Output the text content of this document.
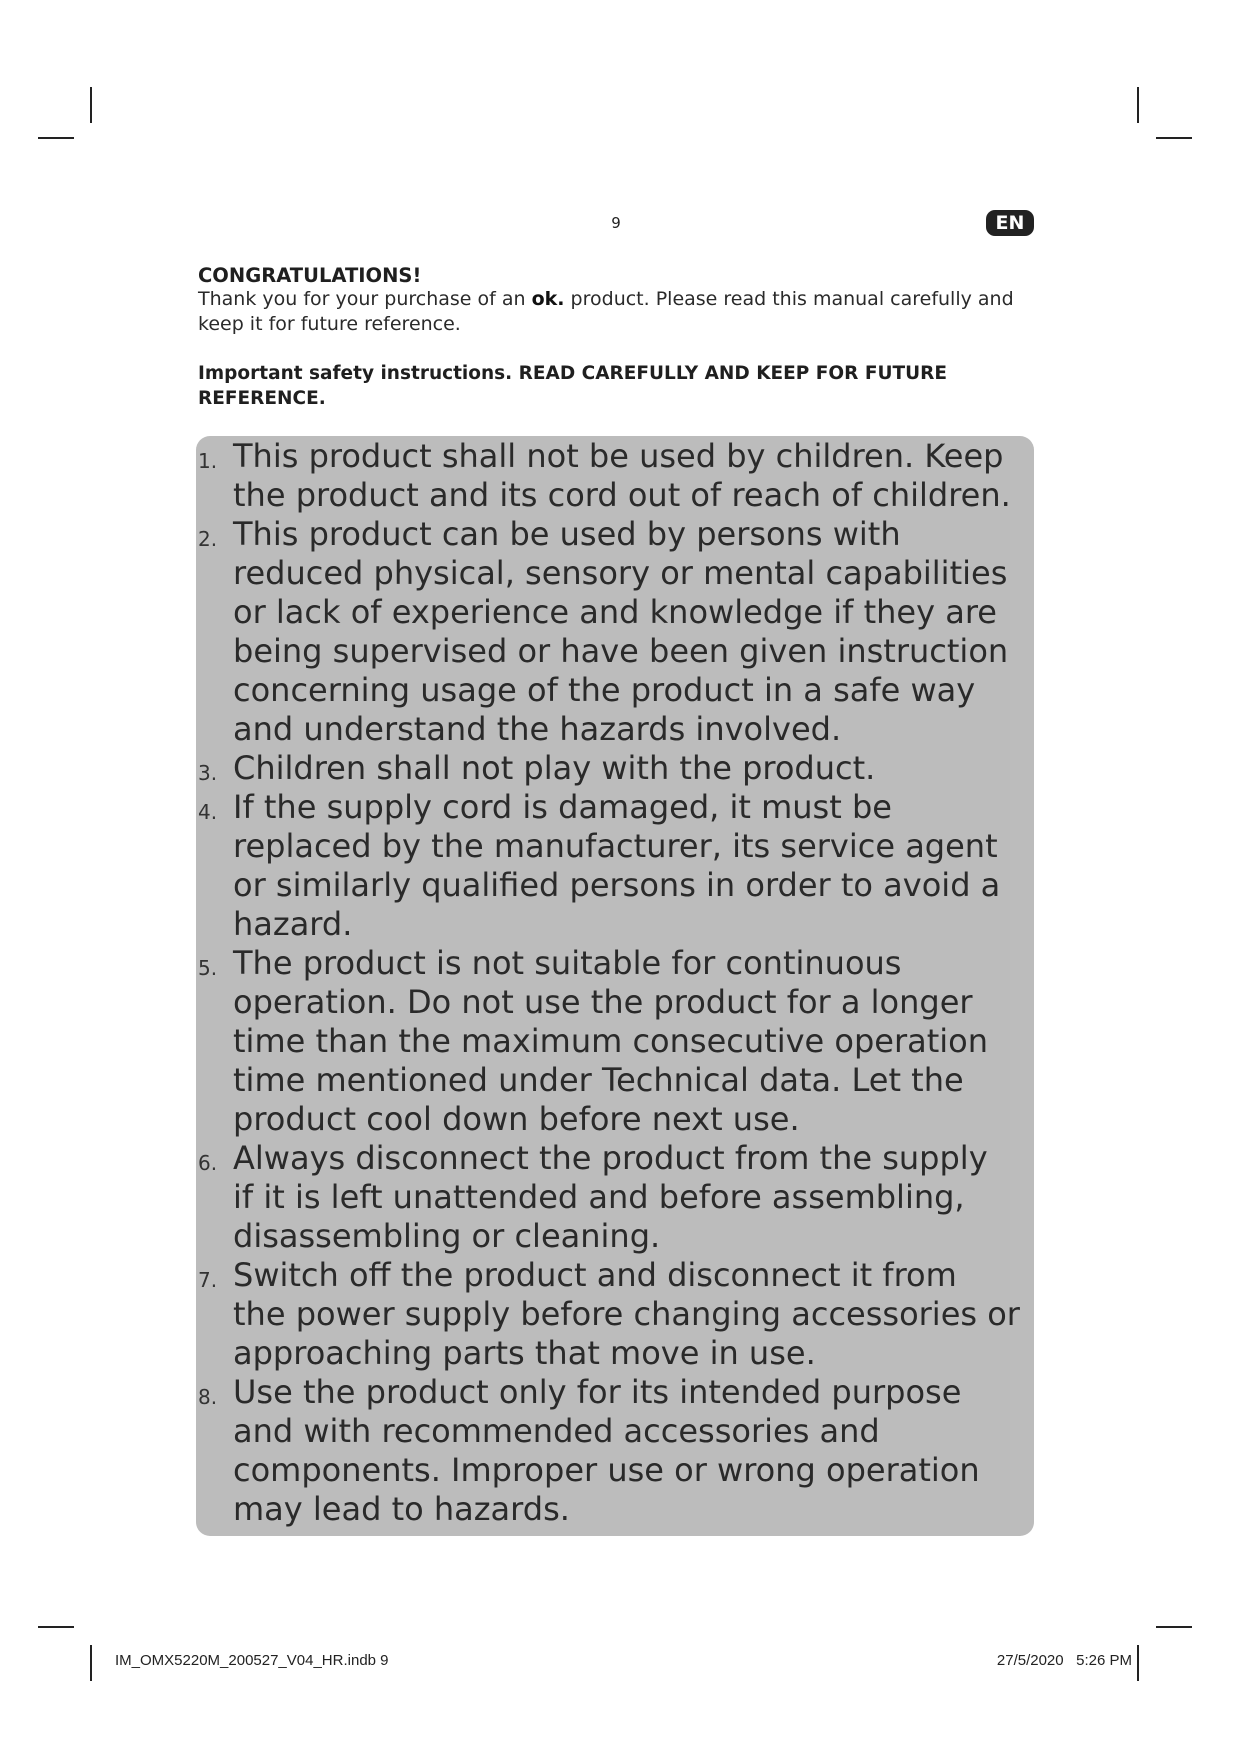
9	EN
CONGRATULATIONS!
Thank you for your purchase of an ok. product. Please read this manual carefully and keep it for future reference.
Important safety instructions. READ CAREFULLY AND KEEP FOR FUTURE REFERENCE.
1. This product shall not be used by children. Keep
the product and its cord out of reach of children.
2. This product can be used by persons with
reduced physical, sensory or mental capabilities
or lack of experience and knowledge if they are
being supervised or have been given instruction
concerning usage of the product in a safe way
and understand the hazards involved.
3. Children shall not play with the product.
4. If the supply cord is damaged, it must be
replaced by the manufacturer, its service agent
or similarly qualified persons in order to avoid a
hazard.
5. The product is not suitable for continuous
operation. Do not use the product for a longer
time than the maximum consecutive operation
time mentioned under Technical data. Let the
product cool down before next use.
6. Always disconnect the product from the supply
if it is left unattended and before assembling,
disassembling or cleaning.
7. Switch off the product and disconnect it from
the power supply before changing accessories or
approaching parts that move in use.
8. Use the product only for its intended purpose
and with recommended accessories and
components. Improper use or wrong operation
may lead to hazards.
IM_OMX5220M_200527_V04_HR.indb 9	27/5/2020   5:26 PM
